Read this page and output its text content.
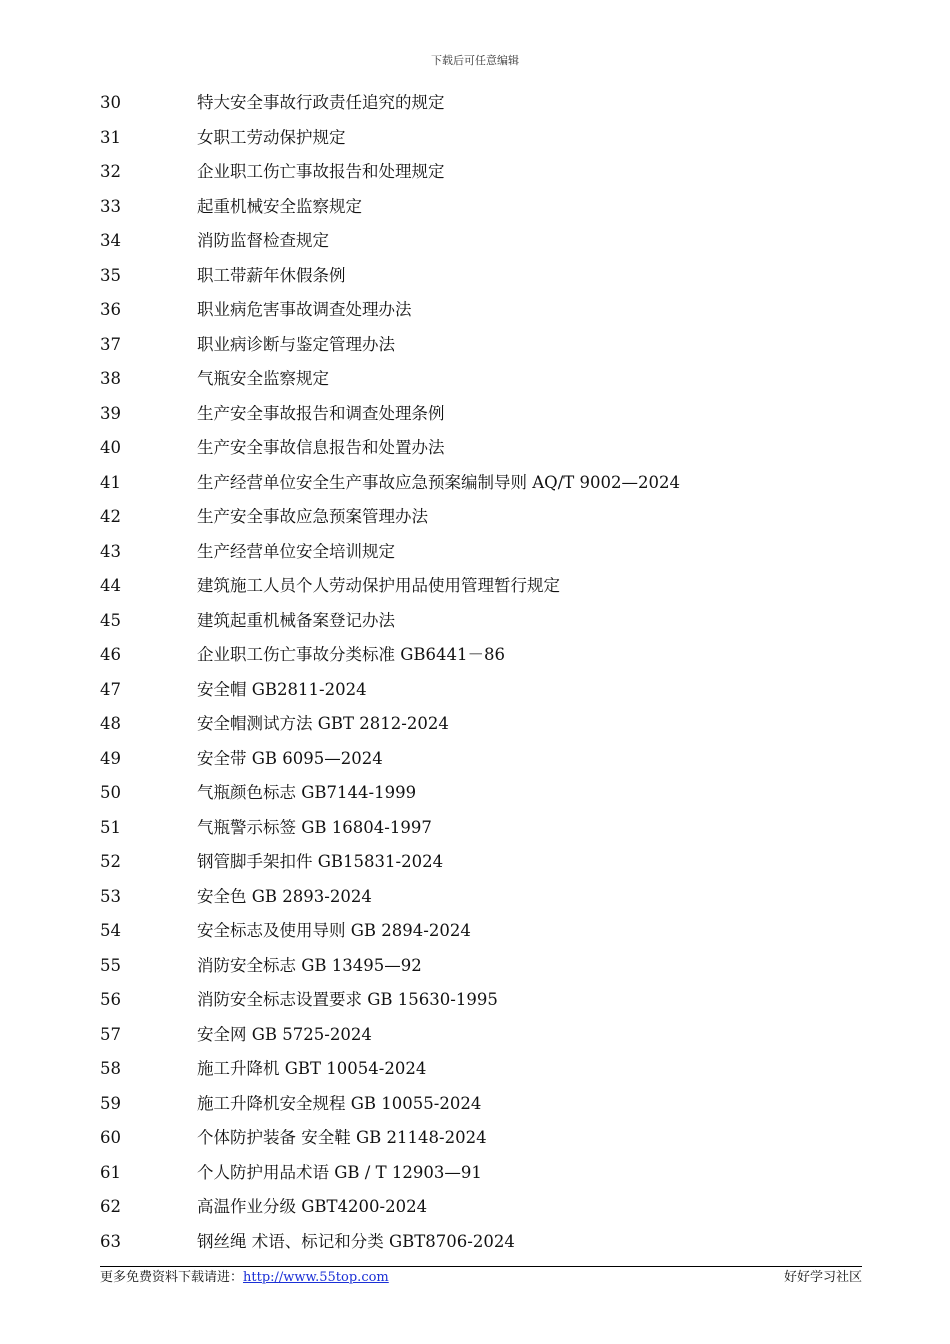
下载后可任意编辑
30	特大安全事故行政责任追究的规定
31	女职工劳动保护规定
32	企业职工伤亡事故报告和处理规定
33	起重机械安全监察规定
34	消防监督检查规定
35	职工带薪年休假条例
36	职业病危害事故调查处理办法
37	职业病诊断与鉴定管理办法
38	气瓶安全监察规定
39	生产安全事故报告和调查处理条例
40	生产安全事故信息报告和处置办法
41	生产经营单位安全生产事故应急预案编制导则 AQ/T 9002—2024
42	生产安全事故应急预案管理办法
43	生产经营单位安全培训规定
44	建筑施工人员个人劳动保护用品使用管理暂行规定
45	建筑起重机械备案登记办法
46	企业职工伤亡事故分类标准 GB6441－86
47	安全帽 GB2811-2024
48	安全帽测试方法 GBT 2812-2024
49	安全带 GB 6095—2024
50	气瓶颜色标志 GB7144-1999
51	气瓶警示标签 GB 16804-1997
52	钢管脚手架扣件 GB15831-2024
53	安全色 GB 2893-2024
54	安全标志及使用导则 GB 2894-2024
55	消防安全标志 GB 13495—92
56	消防安全标志设置要求 GB 15630-1995
57	安全网 GB 5725-2024
58	施工升降机 GBT 10054-2024
59	施工升降机安全规程 GB 10055-2024
60	个体防护装备 安全鞋 GB 21148-2024
61	个人防护用品术语 GB / T 12903—91
62	高温作业分级 GBT4200-2024
63	钢丝绳 术语、标记和分类 GBT8706-2024
更多免费资料下载请进：http://www.55top.com	好好学习社区
